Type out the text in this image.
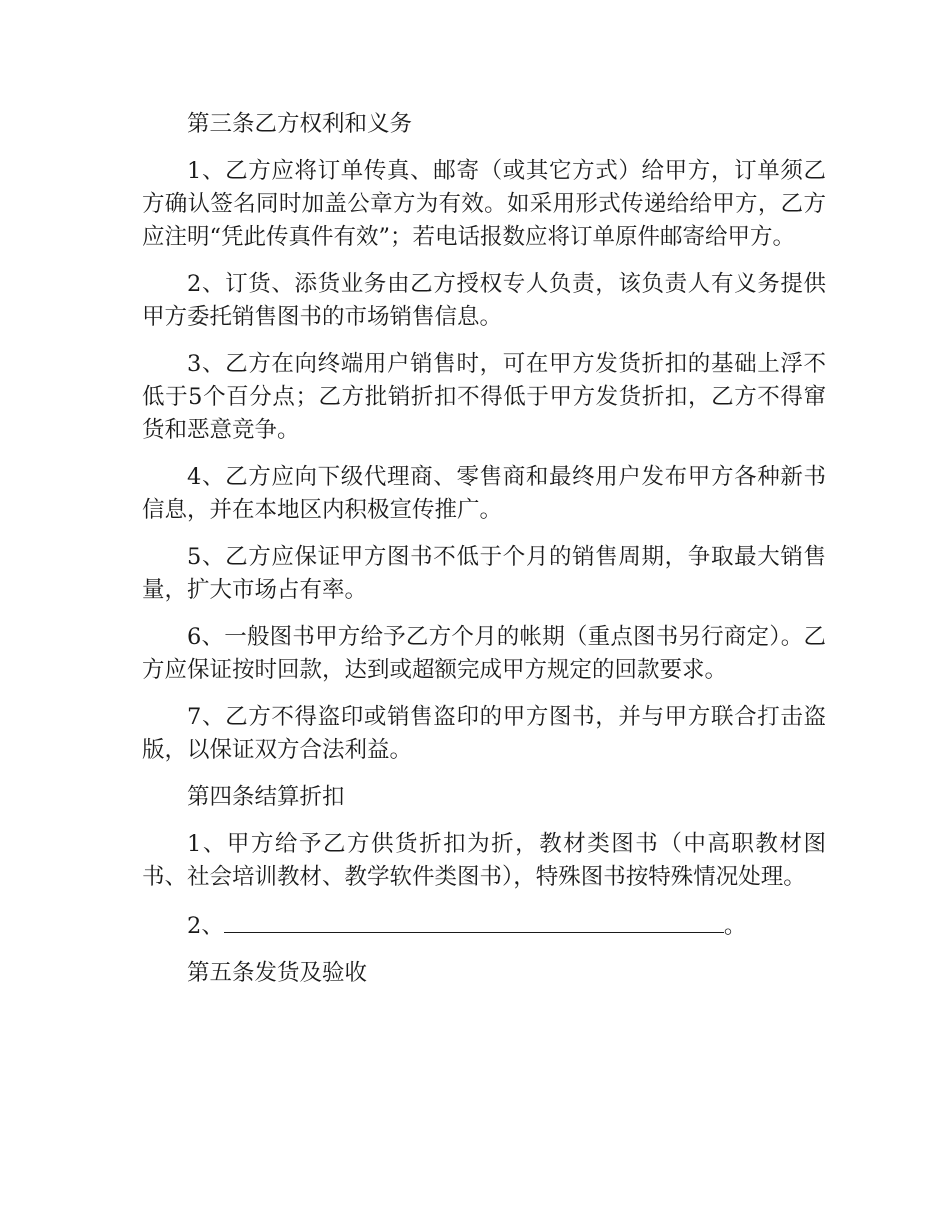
第三条乙方权利和义务

1、乙方应将订单传真、邮寄（或其它方式）给甲方，订单须乙方确认签名同时加盖公章方为有效。如采用形式传递给给甲方，乙方应注明“凭此传真件有效”；若电话报数应将订单原件邮寄给甲方。

2、订货、添货业务由乙方授权专人负责，该负责人有义务提供甲方委托销售图书的市场销售信息。

3、乙方在向终端用户销售时，可在甲方发货折扣的基础上浮不低于5个百分点；乙方批销折扣不得低于甲方发货折扣，乙方不得窜货和恶意竞争。

4、乙方应向下级代理商、零售商和最终用户发布甲方各种新书信息，并在本地区内积极宣传推广。

5、乙方应保证甲方图书不低于个月的销售周期，争取最大销售量，扩大市场占有率。

6、一般图书甲方给予乙方个月的帐期（重点图书另行商定）。乙方应保证按时回款，达到或超额完成甲方规定的回款要求。

7、乙方不得盗印或销售盗印的甲方图书，并与甲方联合打击盗版，以保证双方合法利益。

第四条结算折扣

1、甲方给予乙方供货折扣为折，教材类图书（中高职教材图书、社会培训教材、教学软件类图书），特殊图书按特殊情况处理。

2、	。

第五条发货及验收
